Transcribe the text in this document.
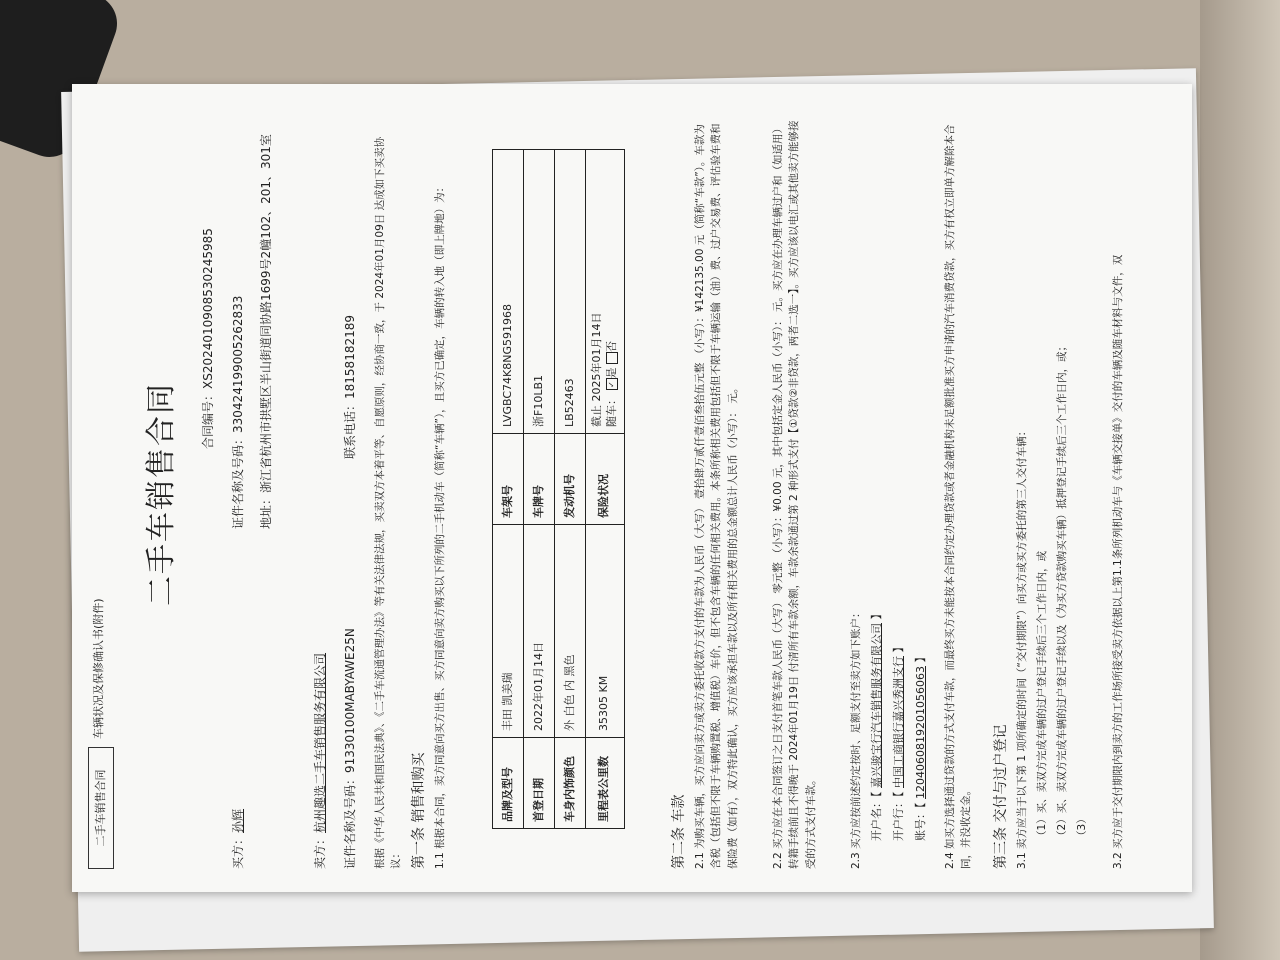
二手车销售合同
车辆状况及保修确认书(附件)
二手车销售合同 合同编号：XS2024010908530245985
买方：孙辉
证件名称及号码：330424199005262833
地址：浙江省杭州市拱墅区半山街道同协路1699号2幢102、201、301室
卖方：杭州趣选二手车销售服务有限公司 证件名称及号码：91330100MABYAWE25N
联系电话：18158182189 根据《中华人民共和国民法典》、《二手车流通管理办法》等有关法律法规，买卖双方本着平等、自愿原则，经协商一致，于 2024年01月09日 达成如下买卖协议： 第一条 销售和购买 1.1 根据本合同，卖方同意向买方出售、买方同意向卖方购买以下所列的二手机动车（简称“车辆”），且买方已确定，车辆的转入地（即上牌地）为：	品牌及型号	丰田 凯美瑞	车架号	LVGBC74K8NG591968
首登日期	2022年01月14日	车牌号	浙F10LB1
车身内饰颜色	外 白色 内 黑色	发动机号	LB52463
里程表公里数	35305 KM	保险状况	截止 2025年01月14日 随车： ✓是 否
第二条 车款 2.1 为购买车辆，买方应向卖方或卖方委托收款方支付的车款为人民币（大写） 壹拾肆万贰仟壹佰叁拾伍元整 （小写）：¥142135.00 元（简称“车款”）。车款为含税（包括但不限于车辆购置税、增值税）车价，但不包含车辆的任何相关费用。本条所称相关费用包括但不限于车辆运输（油）费、过户交易费、评估验车费和保险费（如有），双方特此确认，买方应该承担车款以及所有相关费用的总金额总计人民币（小写）： 元。	2.2 买方应在本合同签订之日支付首笔车款人民币（大写） 零元整 （小写）：¥0.00 元，其中包括定金人民币（小写）： 元。买方应在办理车辆过户和（如适用）转籍手续前且不得晚于 2024年01月19日 付清所有车款余额，车款余款通过第 2 种形式支付【①贷款②非贷款，两者二选一】。买方应该以电汇或其他卖方能够接受的方式支付车款。	2.3 买方应按前述约定按时、足额支付至卖方如下账户： 开户名：【 嘉兴骏宝行汽车销售服务有限公司 】
开户行：【 中国工商银行嘉兴秀洲支行 】
账号：【 1204060819201056063 】 2.4 如买方选择通过贷款的方式支付车款，而最终买方未能按本合同约定办理贷款或者金融机构未足额批准买方申请的汽车消费贷款，买方有权立即单方解除本合同，并没收定金。 第三条 交付与过户登记 3.1 卖方应当于以下第 1 项所确定的时间（“交付期限”）向买方或买方委托的第三人交付车辆： （1）买、卖双方完成车辆的过户登记手续后三个工作日内，或 （2）买、卖双方完成车辆的过户登记手续以及（为买方贷款购买车辆）抵押登记手续后三个工作日内，或； （3） 3.2 买方应于交付期限内到卖方的工作场所接受卖方依据以上第1.1条所列机动车与《车辆交接单》交付的车辆及随车材料与文件，双
